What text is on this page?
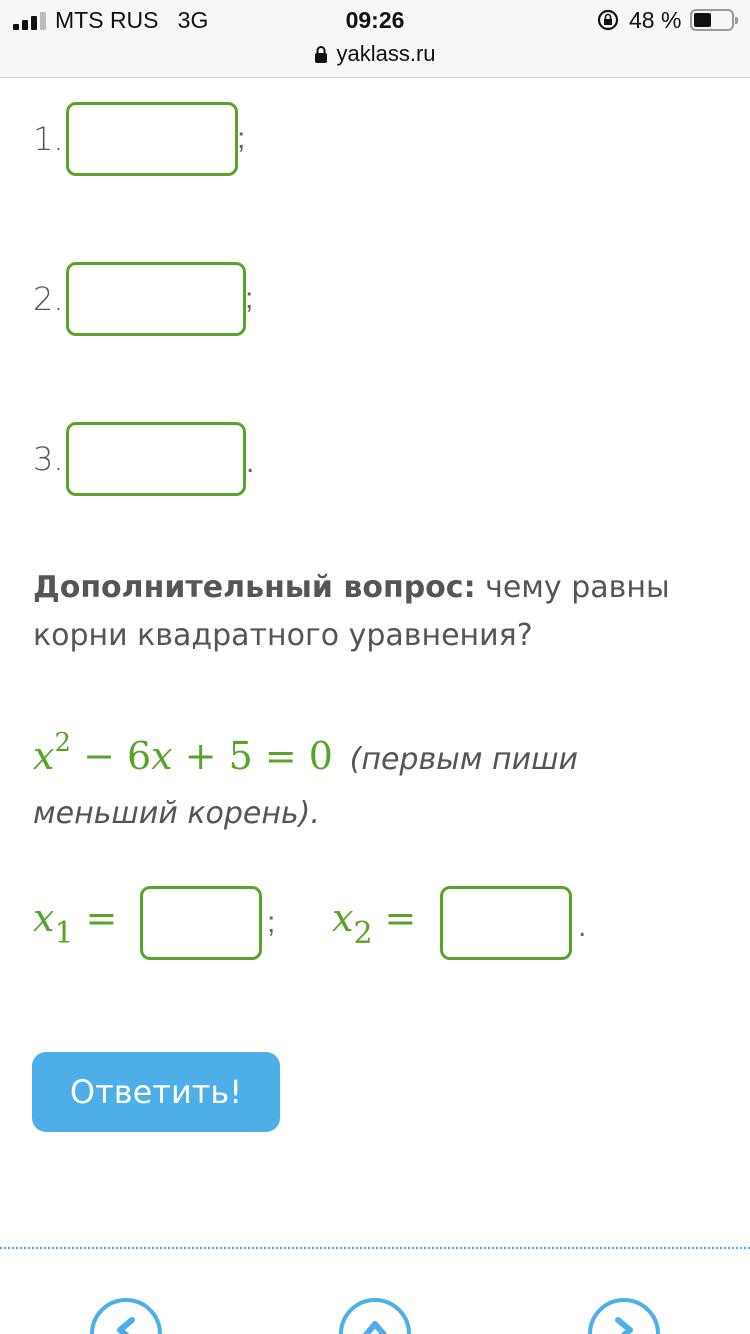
MTS RUS 3G	09:26	48 %
yaklass.ru
1.	;
2.	;
3.	.
Дополнительный вопрос: чему равны корни квадратного уравнения?
$x^2 - 6x + 5 = 0$ (первым пиши меньший корень).
$x_1$ =	; $x_2$ =	.
Ответить!
